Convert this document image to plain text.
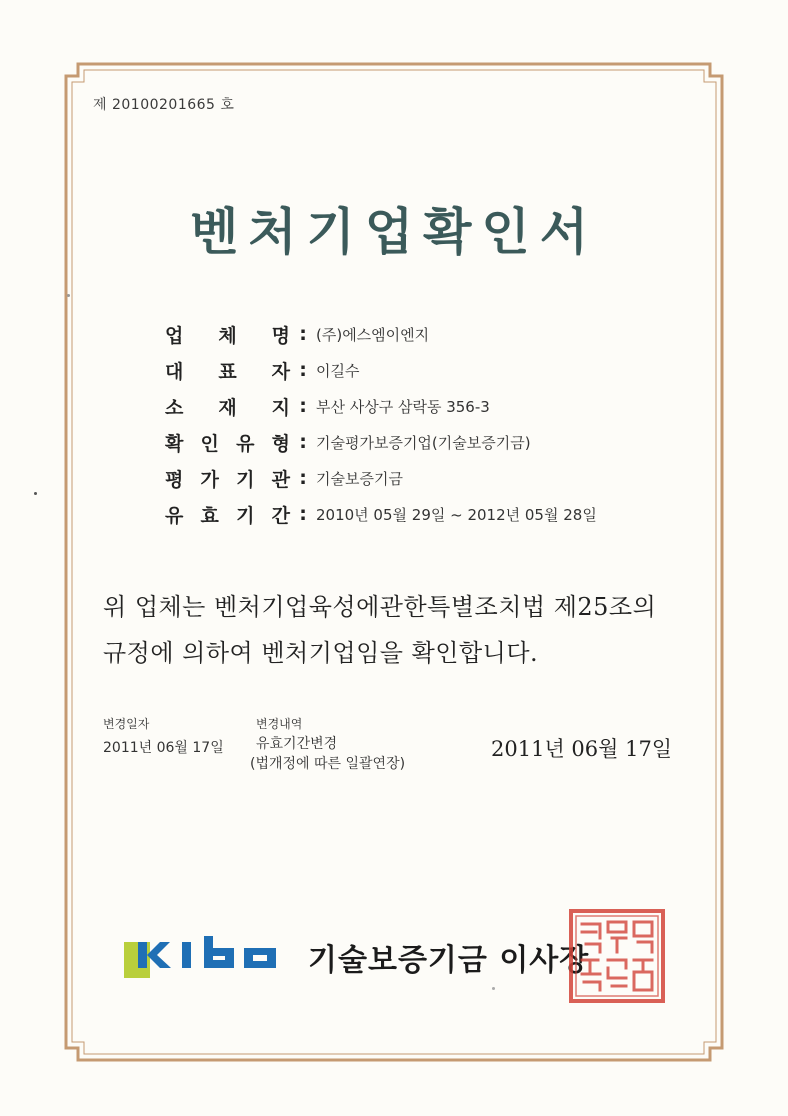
제 20100201665 호
벤처기업확인서
업 체 명 : (주)에스엠이엔지
대 표 자 : 이길수
소 재 지 : 부산 사상구 삼락동 356-3
확 인 유 형 : 기술평가보증기업(기술보증기금)
평 가 기 관 : 기술보증기금
유 효 기 간 : 2010년 05월 29일 ~ 2012년 05월 28일
위 업체는 벤처기업육성에관한특별조치법 제25조의
규정에 의하여 벤처기업임을 확인합니다.
변경일자
2011년 06월 17일
변경내역
유효기간변경
(법개정에 따른 일괄연장)
2011년 06월 17일
기술보증기금 이사장
